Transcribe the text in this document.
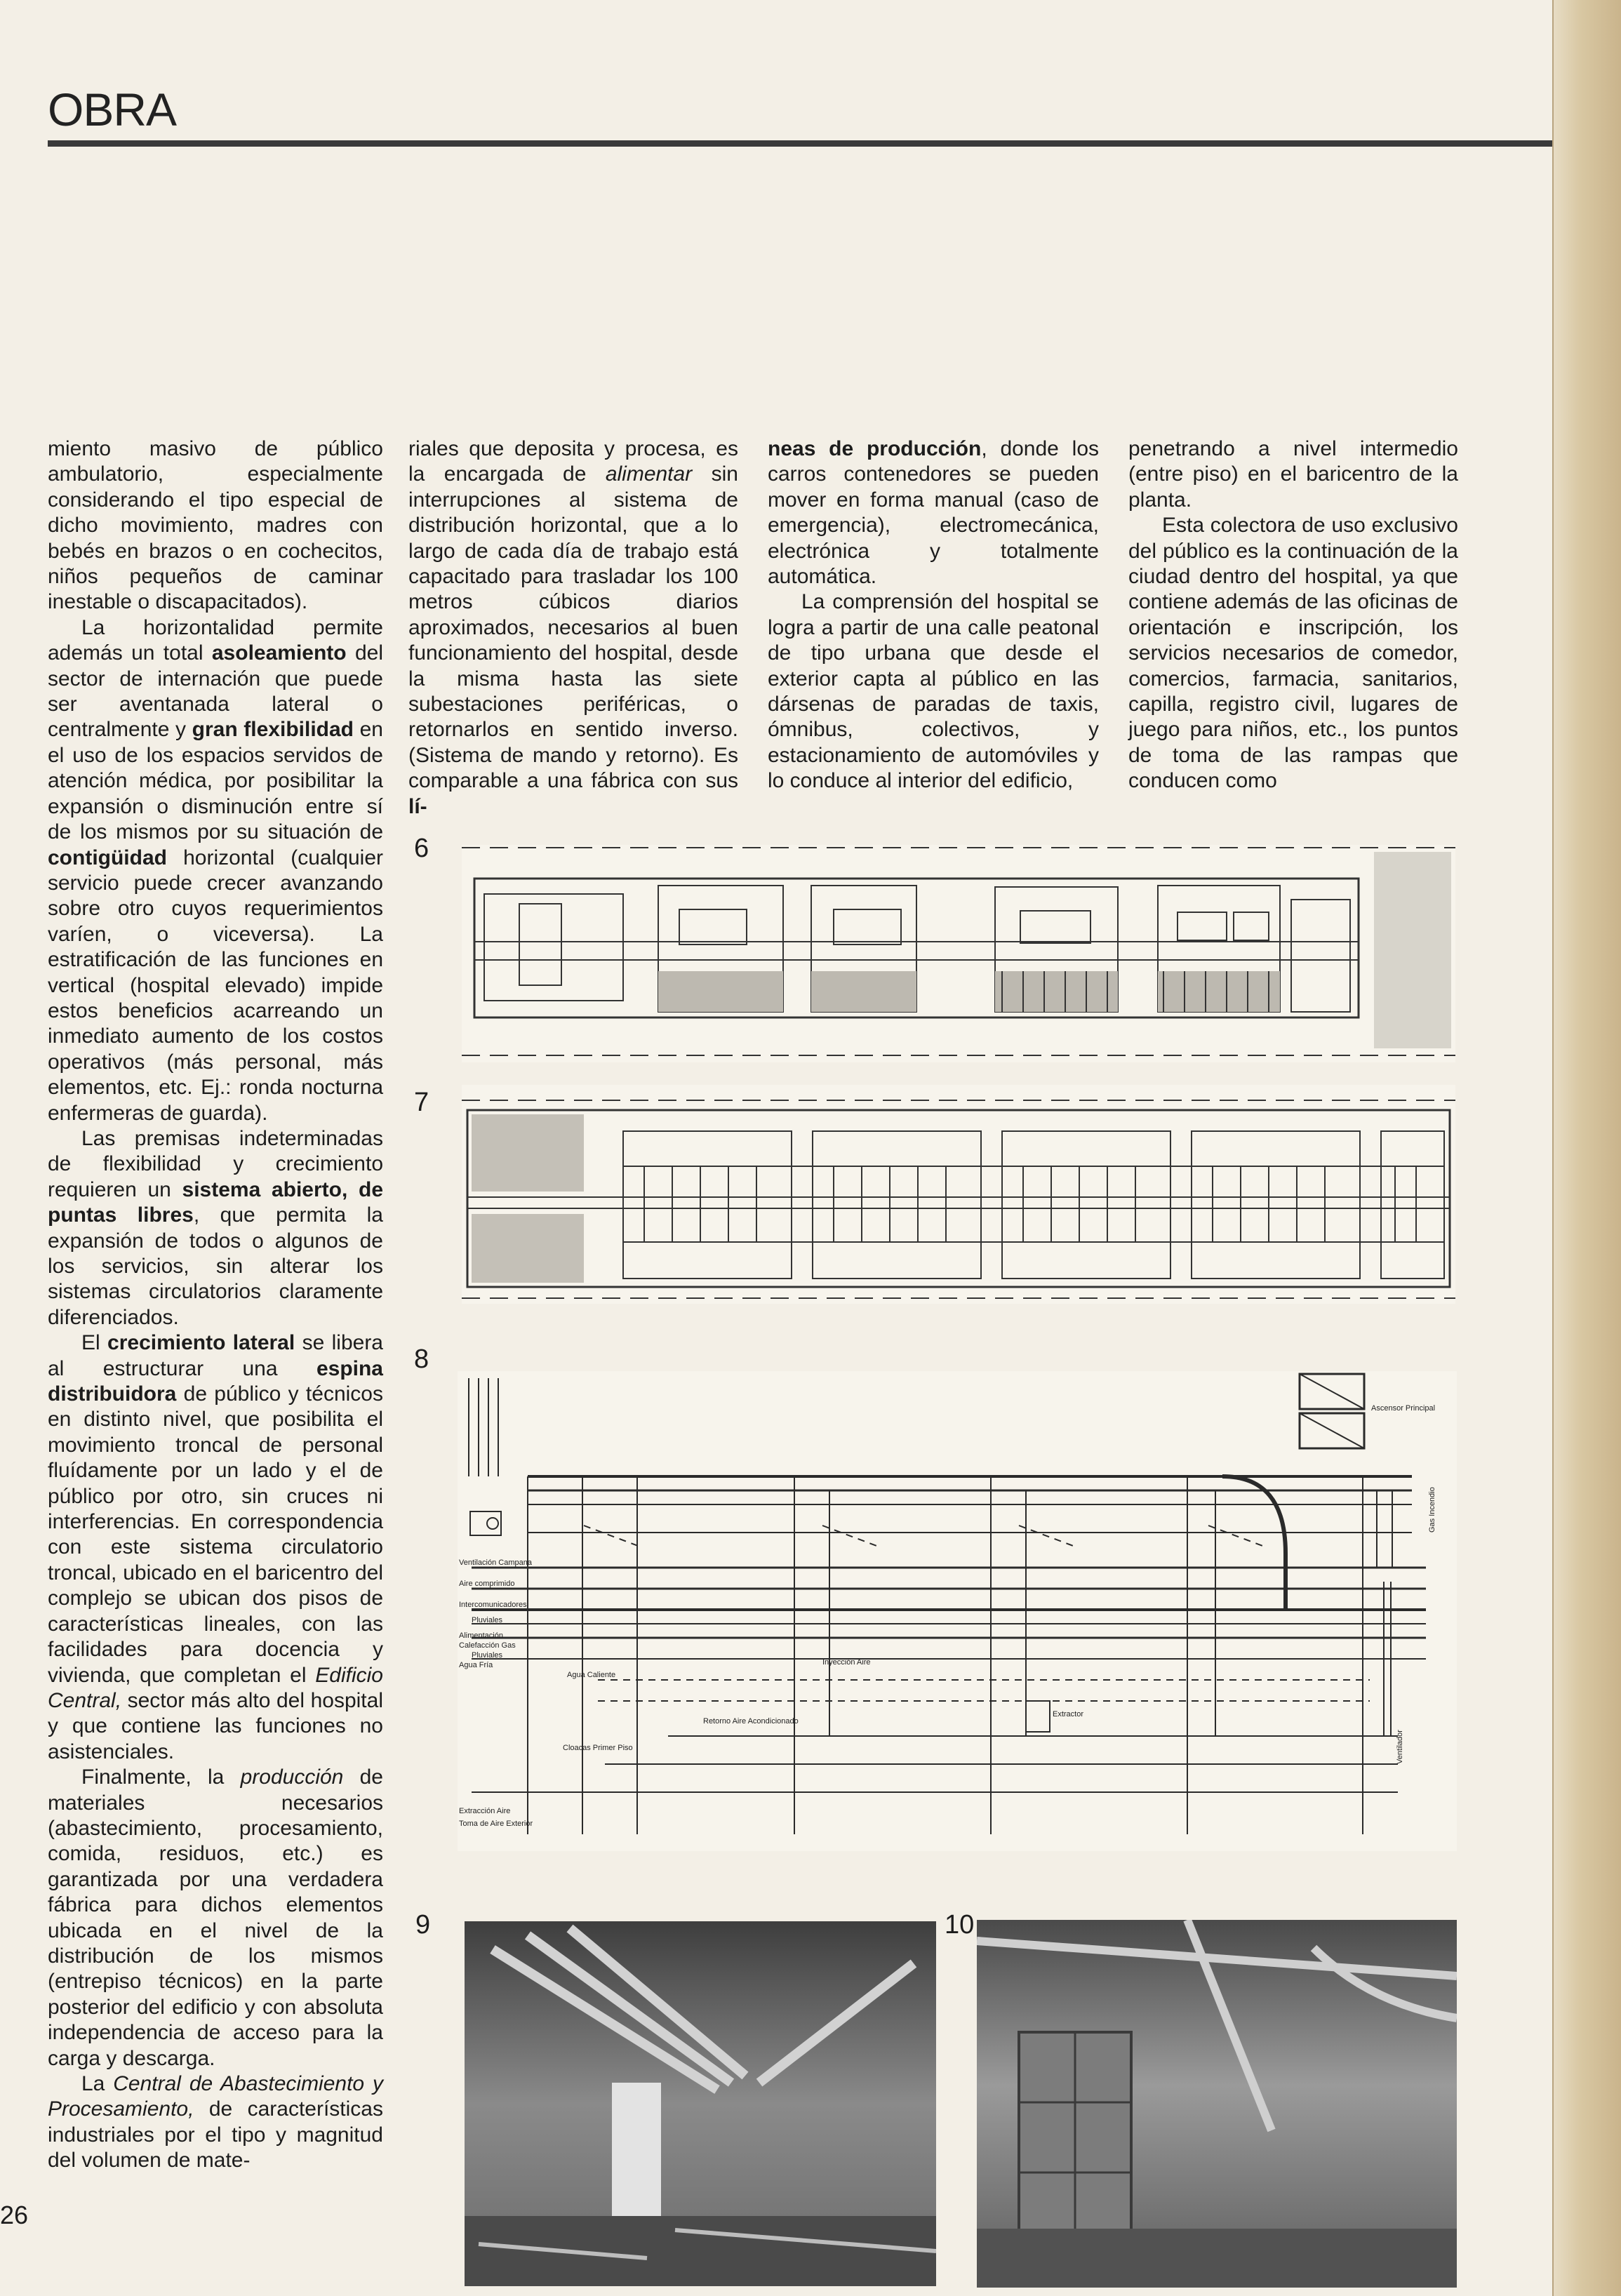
OBRA

miento masivo de público ambulatorio, especialmente considerando el tipo especial de dicho movimiento, madres con bebés en brazos o en cochecitos, niños pequeños de caminar inestable o discapacitados).

La horizontalidad permite además un total asoleamiento del sector de internación que puede ser aventanada lateral o centralmente y gran flexibilidad en el uso de los espacios servidos de atención médica, por posibilitar la expansión o disminución entre sí de los mismos por su situación de contigüidad horizontal (cualquier servicio puede crecer avanzando sobre otro cuyos requerimientos varíen, o viceversa). La estratificación de las funciones en vertical (hospital elevado) impide estos beneficios acarreando un inmediato aumento de los costos operativos (más personal, más elementos, etc. Ej.: ronda nocturna enfermeras de guarda).

Las premisas indeterminadas de flexibilidad y crecimiento requieren un sistema abierto, de puntas libres, que permita la expansión de todos o algunos de los servicios, sin alterar los sistemas circulatorios claramente diferenciados.

El crecimiento lateral se libera al estructurar una espina distribuidora de público y técnicos en distinto nivel, que posibilita el movimiento troncal de personal fluídamente por un lado y el de público por otro, sin cruces ni interferencias. En correspondencia con este sistema circulatorio troncal, ubicado en el baricentro del complejo se ubican dos pisos de características lineales, con las facilidades para docencia y vivienda, que completan el Edificio Central, sector más alto del hospital y que contiene las funciones no asistenciales.

Finalmente, la producción de materiales necesarios (abastecimiento, procesamiento, comida, residuos, etc.) es garantizada por una verdadera fábrica para dichos elementos ubicada en el nivel de la distribución de los mismos (entrepiso técnicos) en la parte posterior del edificio y con absoluta independencia de acceso para la carga y descarga.

La Central de Abastecimiento y Procesamiento, de características industriales por el tipo y magnitud del volumen de mate-

riales que deposita y procesa, es la encargada de alimentar sin interrupciones al sistema de distribución horizontal, que a lo largo de cada día de trabajo está capacitado para trasladar los 100 metros cúbicos diarios aproximados, necesarios al buen funcionamiento del hospital, desde la misma hasta las siete subestaciones periféricas, o retornarlos en sentido inverso. (Sistema de mando y retorno). Es comparable a una fábrica con sus lí-

neas de producción, donde los carros contenedores se pueden mover en forma manual (caso de emergencia), electromecánica, electrónica y totalmente automática.

La comprensión del hospital se logra a partir de una calle peatonal de tipo urbana que desde el exterior capta al público en las dársenas de paradas de taxis, ómnibus, colectivos, y estacionamiento de automóviles y lo conduce al interior del edificio,

penetrando a nivel intermedio (entre piso) en el baricentro de la planta.

Esta colectora de uso exclusivo del público es la continuación de la ciudad dentro del hospital, ya que contiene además de las oficinas de orientación e inscripción, los servicios necesarios de comedor, comercios, farmacia, sanitarios, capilla, registro civil, lugares de juego para niños, etc., los puntos de toma de las rampas que conducen como

6
7
8
Ascensor Principal
Gas Incendio
Ventilación Campana
Aire comprimido
Intercomunicadores
Pluviales
Alimentación
Calefacción Gas
Pluviales
Agua Fría
Agua Caliente
Inyección Aire
Extractor
Retorno Aire Acondicionado
Cloacas Primer Piso	Ventilador
Extracción Aire
Toma de Aire Exterior
9	10
26
